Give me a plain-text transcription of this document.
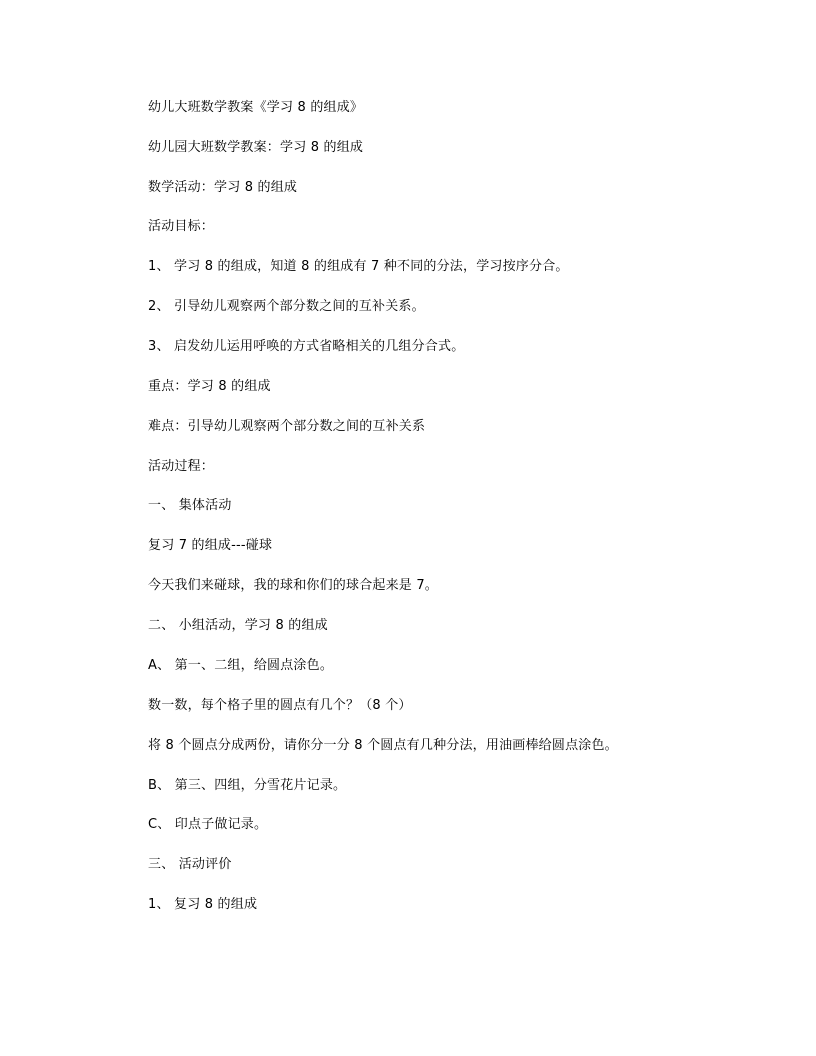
幼儿大班数学教案《学习 8 的组成》
幼儿园大班数学教案：学习 8 的组成
数学活动：学习 8 的组成
活动目标：
1、 学习 8 的组成，知道 8 的组成有 7 种不同的分法，学习按序分合。
2、 引导幼儿观察两个部分数之间的互补关系。
3、 启发幼儿运用呼唤的方式省略相关的几组分合式。
重点：学习 8 的组成
难点：引导幼儿观察两个部分数之间的互补关系
活动过程：
一、 集体活动
复习 7 的组成---碰球
今天我们来碰球，我的球和你们的球合起来是 7。
二、 小组活动，学习 8 的组成
A、 第一、二组，给圆点涂色。
数一数，每个格子里的圆点有几个？（8 个）
将 8 个圆点分成两份，请你分一分 8 个圆点有几种分法，用油画棒给圆点涂色。
B、 第三、四组，分雪花片记录。
C、 印点子做记录。
三、 活动评价
1、 复习 8 的组成
